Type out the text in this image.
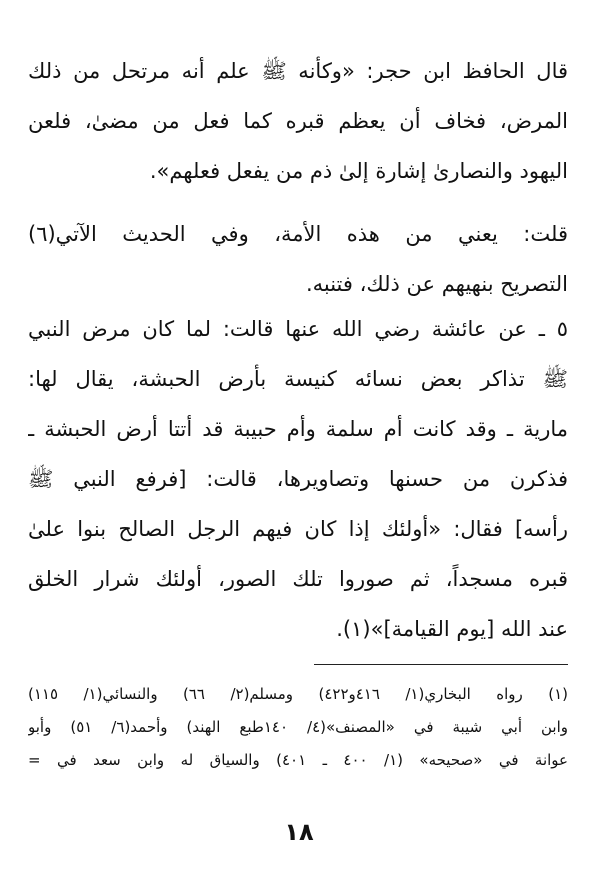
قال الحافظ ابن حجر: «وكأنه ﷺ علم أنه مرتحل من ذلك
المرض، فخاف أن يعظم قبره كما فعل من مضىٰ، فلعن
اليهود والنصارىٰ إشارة إلىٰ ذم من يفعل فعلهم».
قلت: يعني من هذه الأمة، وفي الحديث الآتي(٦)
التصريح بنهيهم عن ذلك، فتنبه.
٥ ـ عن عائشة رضي الله عنها قالت: لما كان مرض النبي
ﷺ تذاكر بعض نسائه كنيسة بأرض الحبشة، يقال لها:
مارية ـ وقد كانت أم سلمة وأم حبيبة قد أتتا أرض الحبشة ـ
فذكرن من حسنها وتصاويرها، قالت: [فرفع النبي ﷺ
رأسه] فقال: «أولئك إذا كان فيهم الرجل الصالح بنوا علىٰ
قبره مسجداً، ثم صوروا تلك الصور، أولئك شرار الخلق
عند الله [يوم القيامة]»(١).
(١) رواه البخاري(١/ ٤١٦و٤٢٢) ومسلم(٢/ ٦٦) والنسائي(١/ ١١٥)
وابن أبي شيبة في «المصنف»(٤/ ١٤٠طبع الهند) وأحمد(٦/ ٥١) وأبو
عوانة في «صحيحه» (١/ ٤٠٠ ـ ٤٠١) والسياق له وابن سعد في =
١٨
